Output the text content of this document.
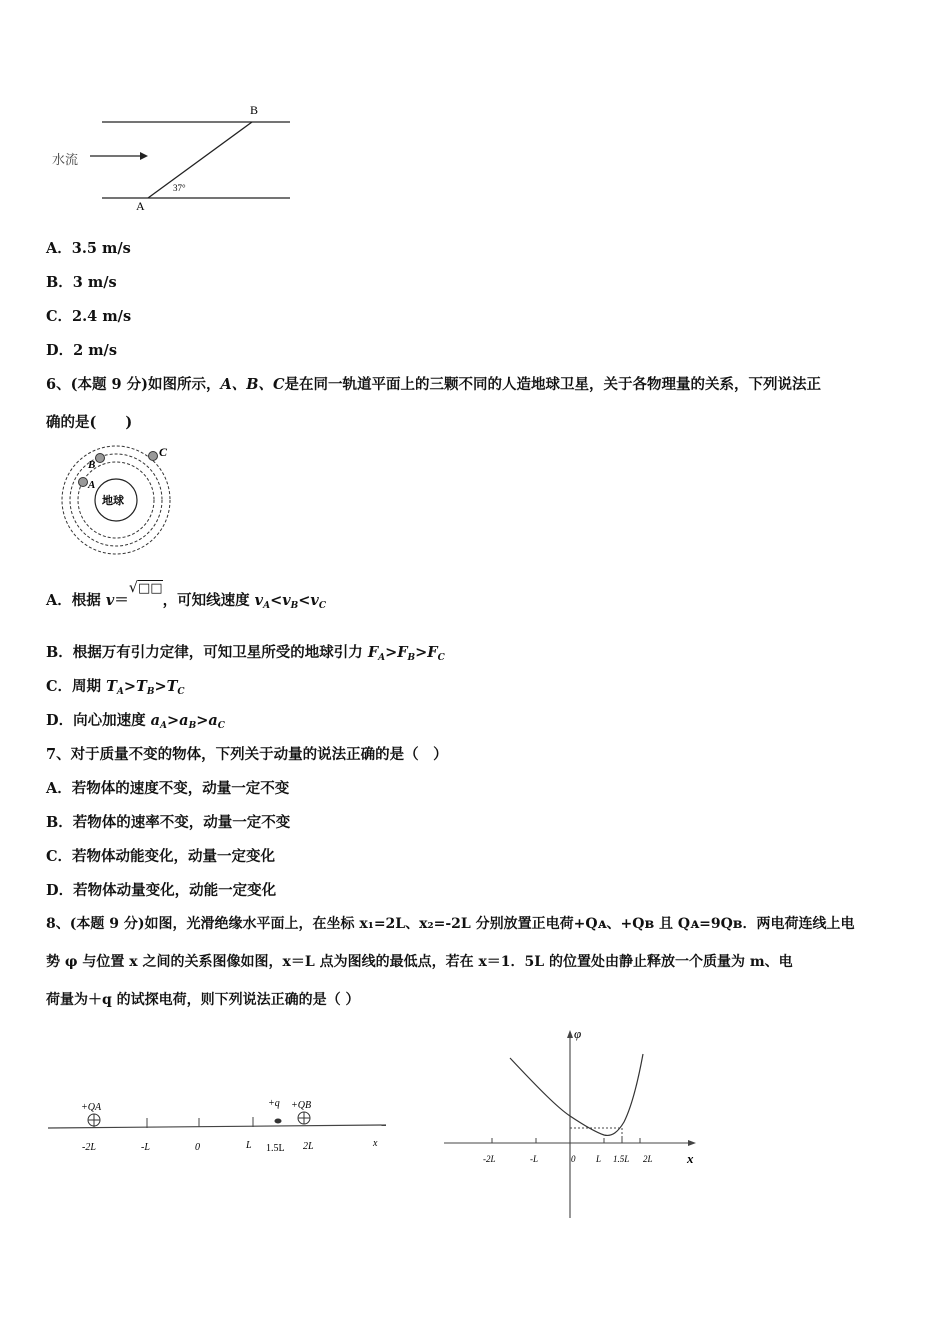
B
A
水流
37°
A．3.5 m/s
B．3 m/s
C．2.4 m/s
D．2 m/s
6、(本题 9 分)如图所示，A、B、C是在同一轨道平面上的三颗不同的人造地球卫星，关于各物理量的关系，下列说法正
确的是(　　)
地球
A
B
C
A．根据 v＝√□□，可知线速度 $v_A<v_B<v_C$
B．根据万有引力定律，可知卫星所受的地球引力 $F_A>F_B>F_C$
C．周期 $T_A>T_B>T_C$
D．向心加速度 $a_A>a_B>a_C$
7、对于质量不变的物体，下列关于动量的说法正确的是（　）
A．若物体的速度不变，动量一定不变
B．若物体的速率不变，动量一定不变
C．若物体动能变化，动量一定变化
D．若物体动量变化，动能一定变化
8、(本题 9 分)如图，光滑绝缘水平面上，在坐标 x₁=2L、x₂=-2L 分别放置正电荷+Qᴀ、+Qʙ 且 Qᴀ=9Qʙ．两电荷连线上电
势 φ 与位置 x 之间的关系图像如图，x＝L 点为图线的最低点，若在 x＝1．5L 的位置处由静止释放一个质量为 m、电
荷量为＋q 的试探电荷，则下列说法正确的是（ ）
+QA	+QB
+q
-2L	-L	0	L 1.5L 2L	x
φ
-2L	-L	0 L 1.5L 2L	x
